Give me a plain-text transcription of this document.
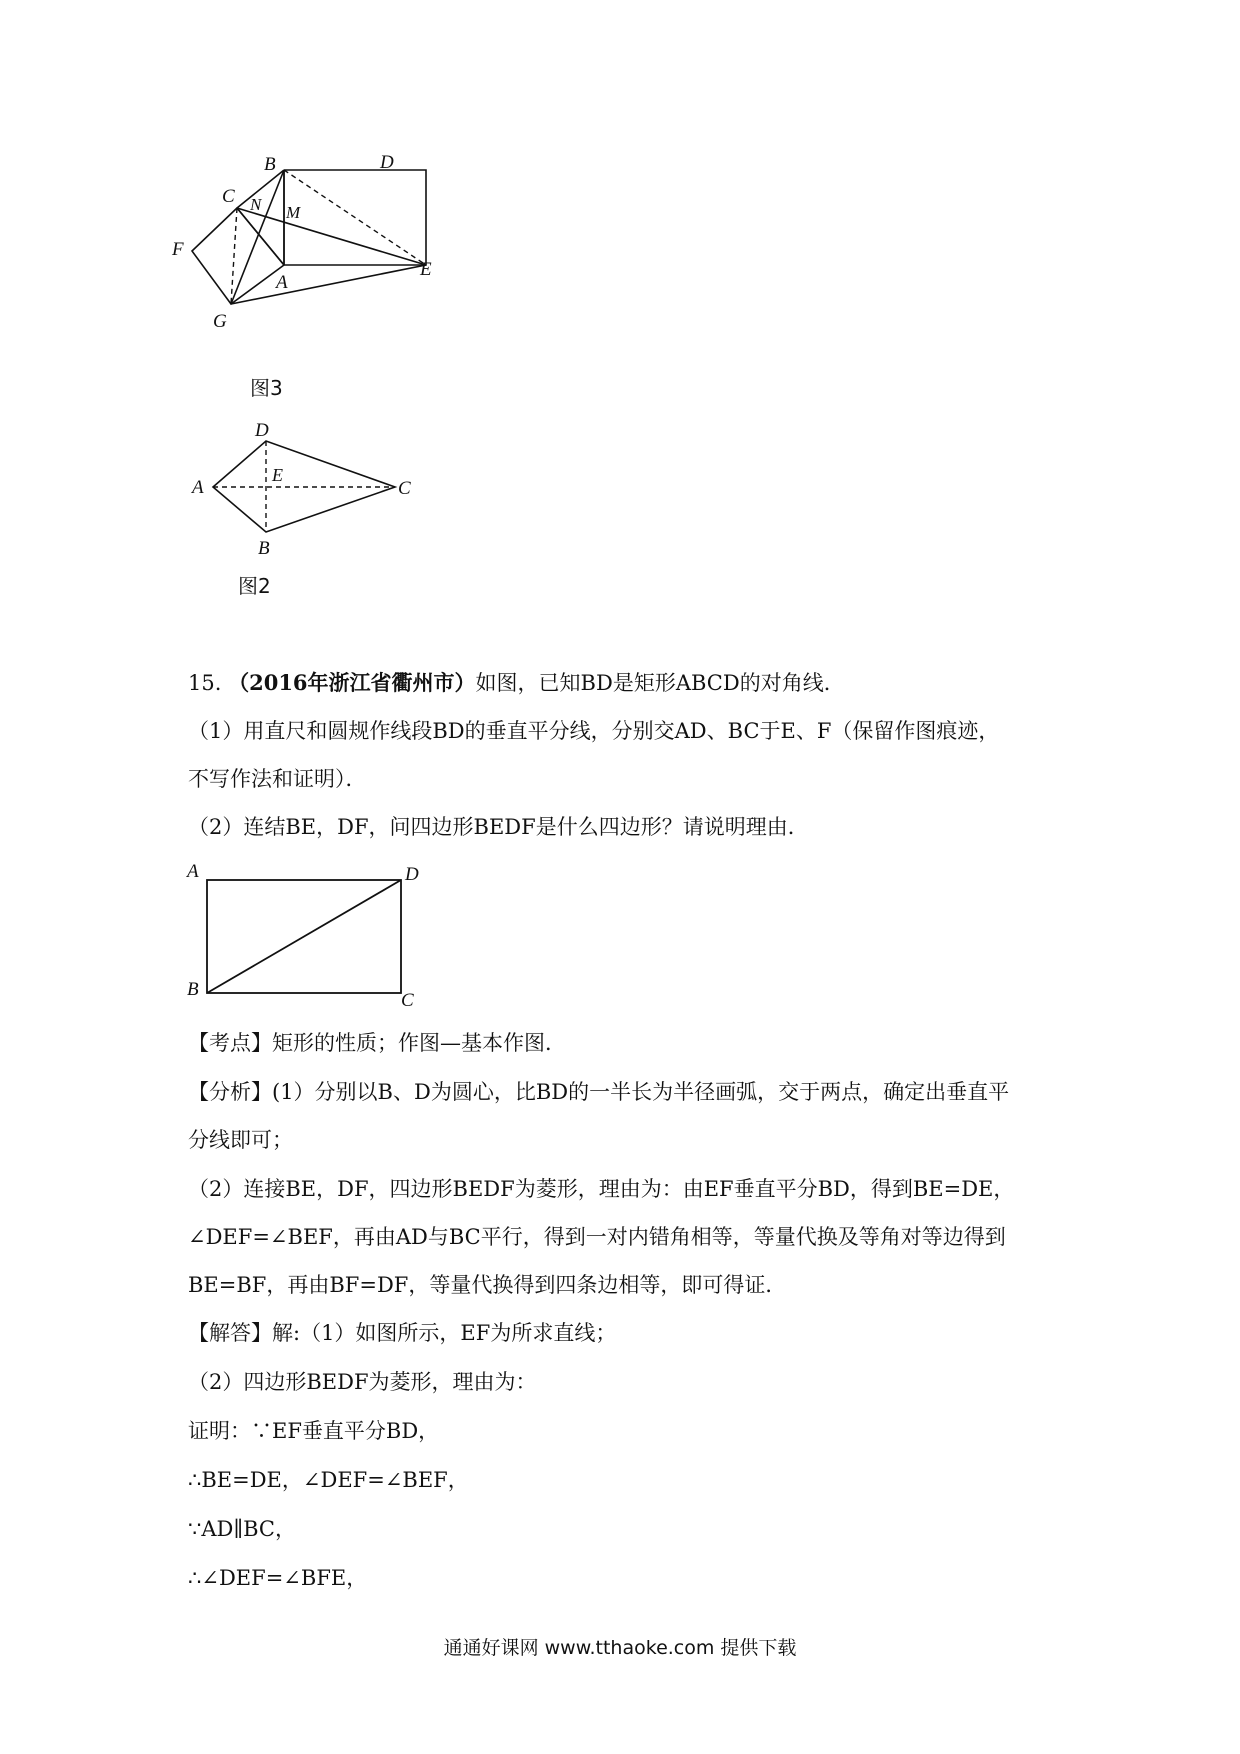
B	D
C N M
F
A
E
G
图3
D
A
E
C
B
图2
15. （2016年浙江省衢州市）如图，已知BD是矩形ABCD的对角线．
（1）用直尺和圆规作线段BD的垂直平分线，分别交AD、BC于E、F（保留作图痕迹，
不写作法和证明）．
（2）连结BE，DF，问四边形BEDF是什么四边形？请说明理由．
A	D
B
C
【考点】矩形的性质；作图—基本作图．
【分析】(1）分别以B、D为圆心，比BD的一半长为半径画弧，交于两点，确定出垂直平
分线即可；
（2）连接BE，DF，四边形BEDF为菱形，理由为：由EF垂直平分BD，得到BE=DE，
∠DEF=∠BEF，再由AD与BC平行，得到一对内错角相等，等量代换及等角对等边得到
BE=BF，再由BF=DF，等量代换得到四条边相等，即可得证．
【解答】解:（1）如图所示，EF为所求直线；
（2）四边形BEDF为菱形，理由为：
证明：∵EF垂直平分BD，
∴BE=DE，∠DEF=∠BEF，
∵AD∥BC，
∴∠DEF=∠BFE，
通通好课网 www.tthaoke.com 提供下载
